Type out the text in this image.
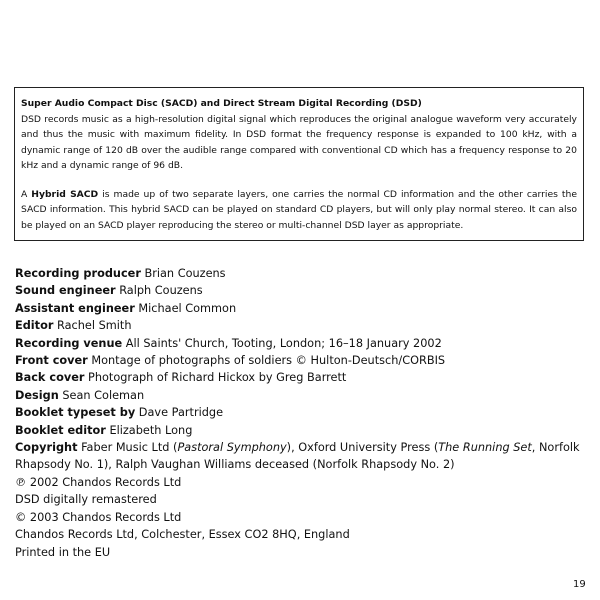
Super Audio Compact Disc (SACD) and Direct Stream Digital Recording (DSD)

DSD records music as a high-resolution digital signal which reproduces the original analogue waveform very accurately and thus the music with maximum fidelity. In DSD format the frequency response is expanded to 100 kHz, with a dynamic range of 120 dB over the audible range compared with conventional CD which has a frequency response to 20 kHz and a dynamic range of 96 dB.

A Hybrid SACD is made up of two separate layers, one carries the normal CD information and the other carries the SACD information. This hybrid SACD can be played on standard CD players, but will only play normal stereo. It can also be played on an SACD player reproducing the stereo or multi-channel DSD layer as appropriate.

Recording producer Brian Couzens
Sound engineer Ralph Couzens
Assistant engineer Michael Common
Editor Rachel Smith
Recording venue All Saints' Church, Tooting, London; 16–18 January 2002
Front cover Montage of photographs of soldiers © Hulton-Deutsch/CORBIS
Back cover Photograph of Richard Hickox by Greg Barrett
Design Sean Coleman
Booklet typeset by Dave Partridge
Booklet editor Elizabeth Long
Copyright Faber Music Ltd (Pastoral Symphony), Oxford University Press (The Running Set, Norfolk Rhapsody No. 1), Ralph Vaughan Williams deceased (Norfolk Rhapsody No. 2)
℗ 2002 Chandos Records Ltd
DSD digitally remastered
© 2003 Chandos Records Ltd
Chandos Records Ltd, Colchester, Essex CO2 8HQ, England
Printed in the EU
19
